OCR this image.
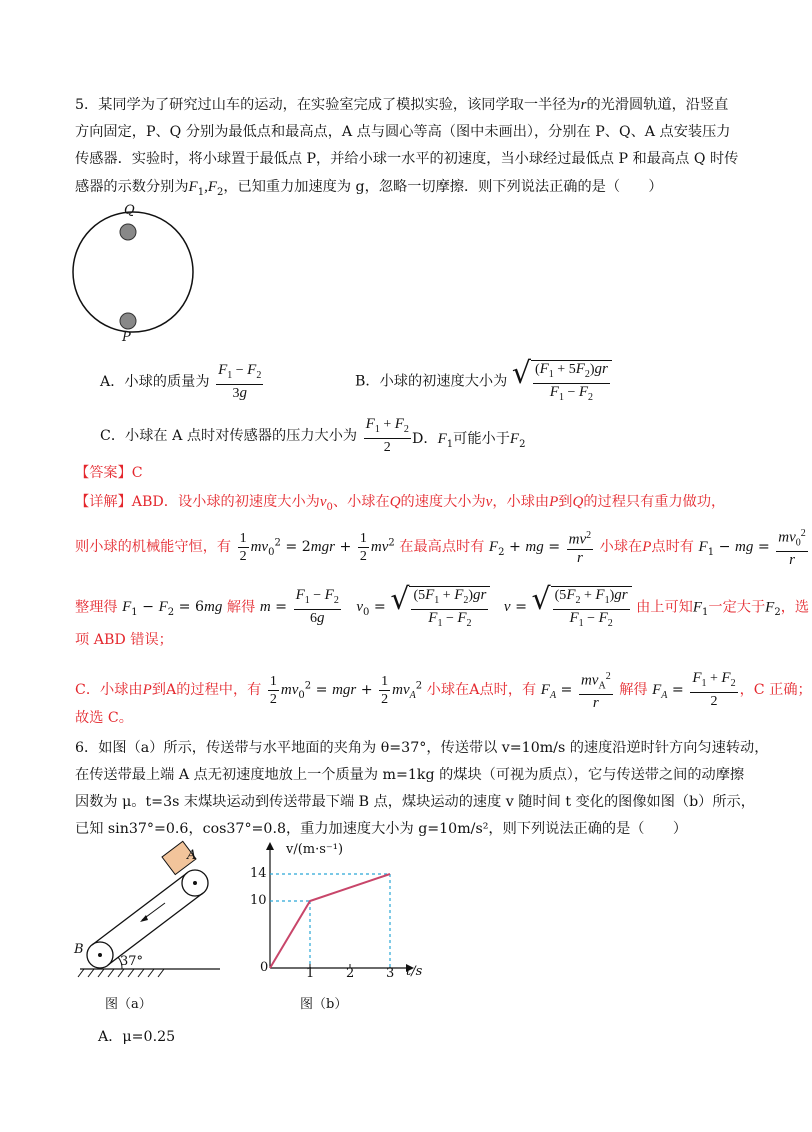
5．某同学为了研究过山车的运动，在实验室完成了模拟实验，该同学取一半径为r的光滑圆轨道，沿竖直
方向固定，P、Q 分别为最低点和最高点，A 点与圆心等高（图中未画出），分别在 P、Q、A 点安装压力
传感器．实验时，将小球置于最低点 P，并给小球一水平的初速度，当小球经过最低点 P 和最高点 Q 时传
感器的示数分别为$F_1,F_2$，已知重力加速度为 g，忽略一切摩擦．则下列说法正确的是（　　）
Q
P
A．小球的质量为 $\frac{F_1 - F_2}{3g}$	B．小球的初速度大小为 √ $\frac{(F_1 + 5F_2)gr}{F_1 - F_2}$
C．小球在 A 点时对传感器的压力大小为 $\frac{F_1 + F_2}{2}$ D．$F_1$可能小于$F_2$
【答案】C
【详解】ABD．设小球的初速度大小为$v_0$、小球在Q的速度大小为v，小球由P到Q的过程只有重力做功，
则小球的机械能守恒，有 $\frac{1}{2} mv_0^2 = 2mgr + \frac{1}{2} mv^2$ 在最高点时有 $F_2$ + mg = $\frac{mv^2}{r}$ 小球在P点时有 $F_1$ − mg = $\frac{mv_0^2}{r}$
整理得 $F_1 - F_2 = 6mg$ 解得 $m = \frac{F_1 - F_2}{6g} v_0$ = √ $\frac{(5F_1 + F_2)gr}{F_1 - F_2}$ v = √ $\frac{(5F_2 + F_1)gr}{F_1 - F_2}$ 由上可知$F_1$一定大于$F_2$，选
项 ABD 错误；
C．小球由P到A的过程中，有 $\frac{1}{2} mv_0^2$ = mgr + $\frac{1}{2} mv_A^2$ 小球在A点时，有 $F_A = \frac{mv_A^2}{r}$ 解得 $F_A = \frac{F_1 + F_2}{2}$ ，C 正确；
故选 C。
6．如图（a）所示，传送带与水平地面的夹角为 θ=37°，传送带以 v=10m/s 的速度沿逆时针方向匀速转动，
在传送带最上端 A 点无初速度地放上一个质量为 m=1kg 的煤块（可视为质点），它与传送带之间的动摩擦
因数为 μ。t=3s 末煤块运动到传送带最下端 B 点，煤块运动的速度 v 随时间 t 变化的图像如图（b）所示，
已知 sin37°=0.6，cos37°=0.8，重力加速度大小为 g=10m/s²，则下列说法正确的是（　　）
A
B
37°
图（a）
v/(m·s⁻¹)
14
10
0	1 2 3 t/s
图（b）
A．μ=0.25
